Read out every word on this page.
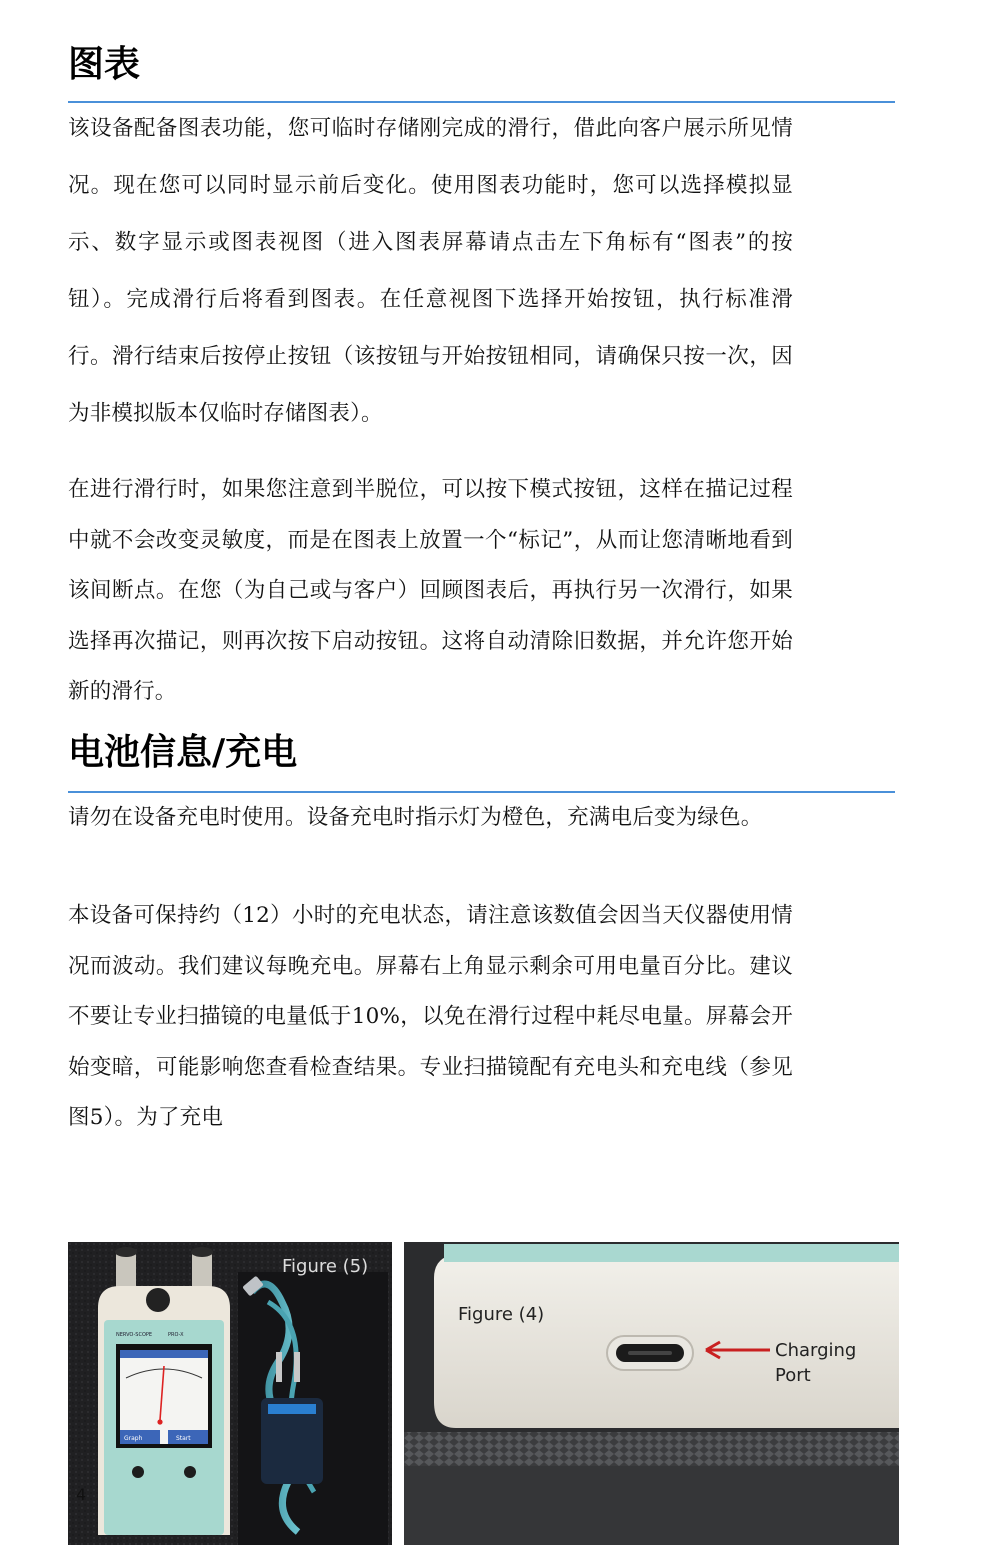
图表

该设备配备图表功能，您可临时存储刚完成的滑行，借此向客户展示所见情况。现在您可以同时显示前后变化。使用图表功能时，您可以选择模拟显示、数字显示或图表视图（进入图表屏幕请点击左下角标有“图表”的按钮）。完成滑行后将看到图表。在任意视图下选择开始按钮，执行标准滑行。滑行结束后按停止按钮（该按钮与开始按钮相同，请确保只按一次，因为非模拟版本仅临时存储图表）。

在进行滑行时，如果您注意到半脱位，可以按下模式按钮，这样在描记过程中就不会改变灵敏度，而是在图表上放置一个“标记”，从而让您清晰地看到该间断点。在您（为自己或与客户）回顾图表后，再执行另一次滑行，如果选择再次描记，则再次按下启动按钮。这将自动清除旧数据，并允许您开始新的滑行。

电池信息/充电

请勿在设备充电时使用。设备充电时指示灯为橙色，充满电后变为绿色。

本设备可保持约（12）小时的充电状态，请注意该数值会因当天仪器使用情况而波动。我们建议每晚充电。屏幕右上角显示剩余可用电量百分比。建议不要让专业扫描镜的电量低于10%，以免在滑行过程中耗尽电量。屏幕会开始变暗，可能影响您查看检查结果。专业扫描镜配有充电头和充电线（参见图5）。为了充电

NERVO-SCOPE	PRO-X
Graph	Start
4
Figure (5)
Figure (4)
Charging
Port
